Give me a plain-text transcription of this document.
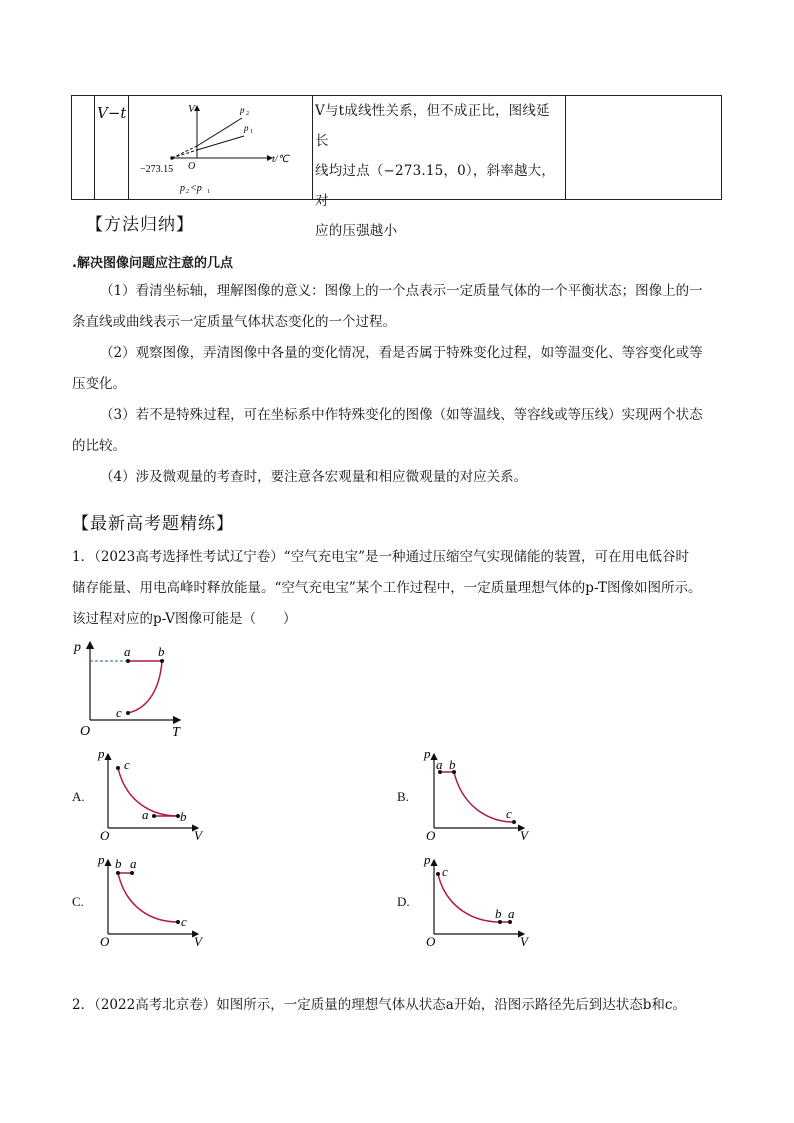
V−t	V
t/℃
O
−273.15
p 2
p 1
p 2 <p 1
V与t成线性关系，但不成正比，图线延长
线均过点（−273.15，0），斜率越大，对
应的压强越小
【方法归纳】
.解决图像问题应注意的几点
（1）看清坐标轴，理解图像的意义：图像上的一个点表示一定质量气体的一个平衡状态；图像上的一
条直线或曲线表示一定质量气体状态变化的一个过程。
（2）观察图像，弄清图像中各量的变化情况，看是否属于特殊变化过程，如等温变化、等容变化或等
压变化。
（3）若不是特殊过程，可在坐标系中作特殊变化的图像（如等温线、等容线或等压线）实现两个状态
的比较。
（4）涉及微观量的考查时，要注意各宏观量和相应微观量的对应关系。
【最新高考题精练】
1．（2023高考选择性考试辽宁卷）“空气充电宝”是一种通过压缩空气实现储能的装置，可在用电低谷时
储存能量、用电高峰时释放能量。“空气充电宝”某个工作过程中，一定质量理想气体的p-T图像如图所示。
该过程对应的p-V图像可能是（　　）
p
T
O
a b
c
A.
p
V
O
c
a b
B.
p
V
O
a b
c
C.
p
V
O
b a
c
D.
p
V
O
c
b a
2．（2022高考北京卷）如图所示，一定质量的理想气体从状态a开始，沿图示路径先后到达状态b和c。
